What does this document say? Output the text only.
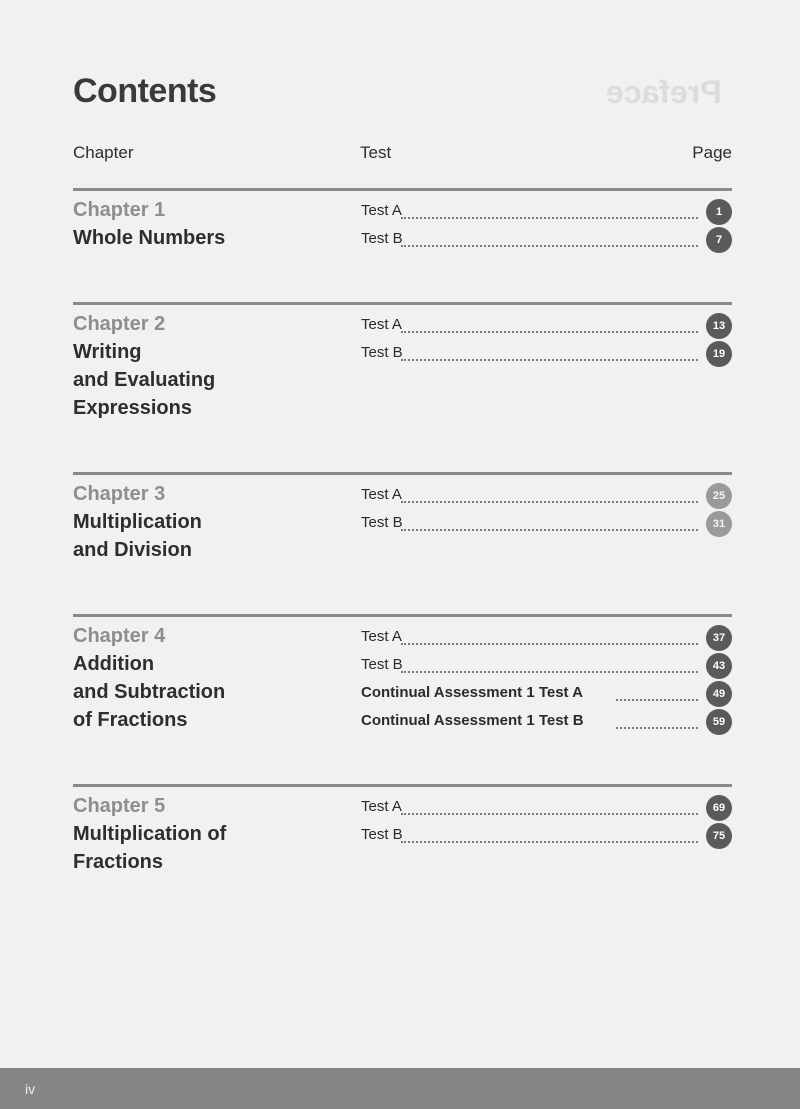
Preface
Contents
Chapter	Test	Page
Chapter 1
Whole Numbers
Test A	1
Test B	7
Chapter 2
Writing
and Evaluating
Expressions
Test A	13
Test B	19
Chapter 3
Multiplication
and Division
Test A	25
Test B	31
Chapter 4
Addition
and Subtraction
of Fractions
Test A	37
Test B	43
Continual Assessment 1 Test A	49
Continual Assessment 1 Test B	59
Chapter 5
Multiplication of
Fractions
Test A	69
Test B	75
iv
